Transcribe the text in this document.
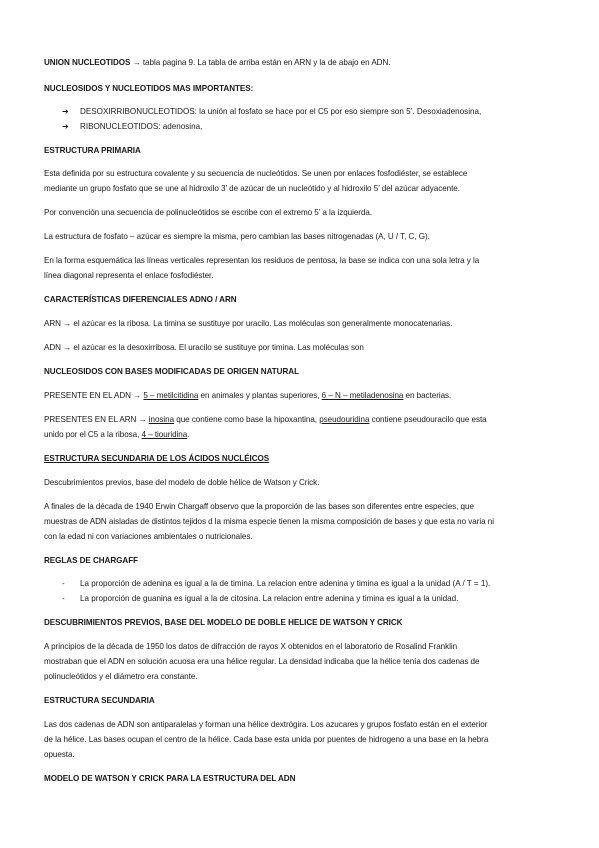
UNION NUCLEOTIDOS → tabla pagina 9. La tabla de arriba están en ARN y la de abajo en ADN.
NUCLEOSIDOS Y NUCLEOTIDOS MAS IMPORTANTES:
➔ DESOXIRRIBONUCLEOTIDOS: la unión al fosfato se hace por el C5 por eso siempre son 5’. Desoxiadenosina,
➔ RIBONUCLEOTIDOS: adenosina,
ESTRUCTURA PRIMARIA
Esta definida por su estructura covalente y su secuencia de nucleótidos. Se unen por enlaces fosfodiéster, se establece
mediante un grupo fosfato que se une al hidroxilo 3’ de azúcar de un nucleótido y al hidroxilo 5’ del azúcar adyacente.
Por convención una secuencia de polinucleótidos se escribe con el extremo 5’ a la izquierda.
La estructura de fosfato – azúcar es siempre la misma, pero cambian las bases nitrogenadas (A, U / T, C, G).
En la forma esquemática las líneas verticales representan los residuos de pentosa, la base se indica con una sola letra y la
línea diagonal representa el enlace fosfodiéster.
CARACTERÍSTICAS DIFERENCIALES ADNO / ARN
ARN → el azúcar es la ribosa. La timina se sustituye por uracilo. Las moléculas son generalmente monocatenarias.
ADN → el azúcar es la desoxirribosa. El uracilo se sustituye por timina. Las moléculas son
NUCLEOSIDOS CON BASES MODIFICADAS DE ORIGEN NATURAL
PRESENTE EN EL ADN → 5 – metilcitidina en animales y plantas superiores, 6 – N – metiladenosina en bacterias.
PRESENTES EN EL ARN → inosina que contiene como base la hipoxantina, pseudouridina contiene pseudouracilo que esta
unido por el C5 a la ribosa, 4 – tiouridina.
ESTRUCTURA SECUNDARIA DE LOS ÁCIDOS NUCLÉICOS
Descubrimientos previos, base del modelo de doble hélice de Watson y Crick.
A finales de la década de 1940 Erwin Chargaff observo que la proporción de las bases son diferentes entre especies, que
muestras de ADN aisladas de distintos tejidos d la misma especie tienen la misma composición de bases y que esta no varia ni
con la edad ni con variaciones ambientales o nutricionales.
REGLAS DE CHARGAFF
- La proporción de adenina es igual a la de timina. La relacion entre adenina y timina es igual a la unidad (A / T = 1).
- La proporción de guanina es igual a la de citosina. La relacion entre adenina y timina es igual a la unidad.
DESCUBRIMIENTOS PREVIOS, BASE DEL MODELO DE DOBLE HELICE DE WATSON Y CRICK
A principios de la década de 1950 los datos de difracción de rayos X obtenidos en el laboratorio de Rosalind Franklin
mostraban que el ADN en solución acuosa era una hélice regular. La densidad indicaba que la hélice tenía dos cadenas de
polinucleótidos y el diámetro era constante.
ESTRUCTURA SECUNDARIA
Las dos cadenas de ADN son antiparalelas y forman una hélice dextrógira. Los azucares y grupos fosfato están en el exterior
de la hélice. Las bases ocupan el centro de la hélice. Cada base esta unida por puentes de hidrogeno a una base en la hebra
opuesta.
MODELO DE WATSON Y CRICK PARA LA ESTRUCTURA DEL ADN
